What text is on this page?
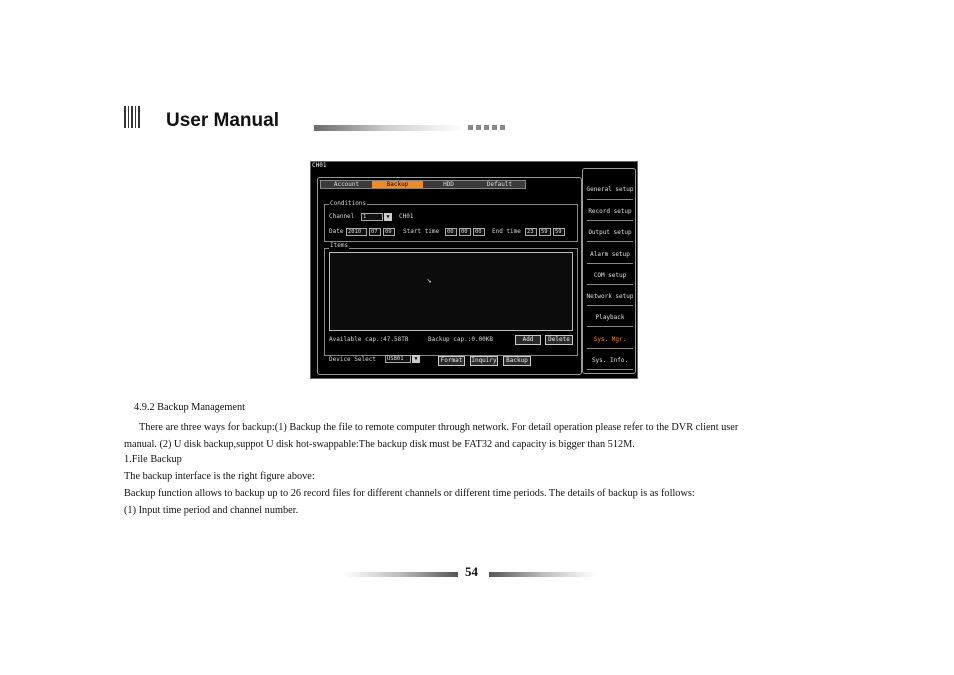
User Manual
CH01
Account	Backup	HDD	Default
Conditions
Channel	1	▼	CH01
Date 2010	07	09	Start time	00	00	00	End time	23	59	59
Items
➘
Available cap.:47.58TB	Backup cap.:0.00KB	Add	Delete
Device Select	USB01	▼	Format	Inquiry	Backup
General setup
Record setup
Output setup
Alarm setup
COM setup
Network setup
Playback
Sys. Mgr.
Sys. Info.
4.9.2 Backup Management
There are three ways for backup:(1) Backup the file to remote computer through network. For detail operation please refer to the DVR client user
manual. (2) U disk backup,suppot U disk hot-swappable:The backup disk must be FAT32 and capacity is bigger than 512M.
1.File Backup
The backup interface is the right figure above:
Backup function allows to backup up to 26 record files for different channels or different time periods. The details of backup is as follows:
(1) Input time period and channel number.
54
